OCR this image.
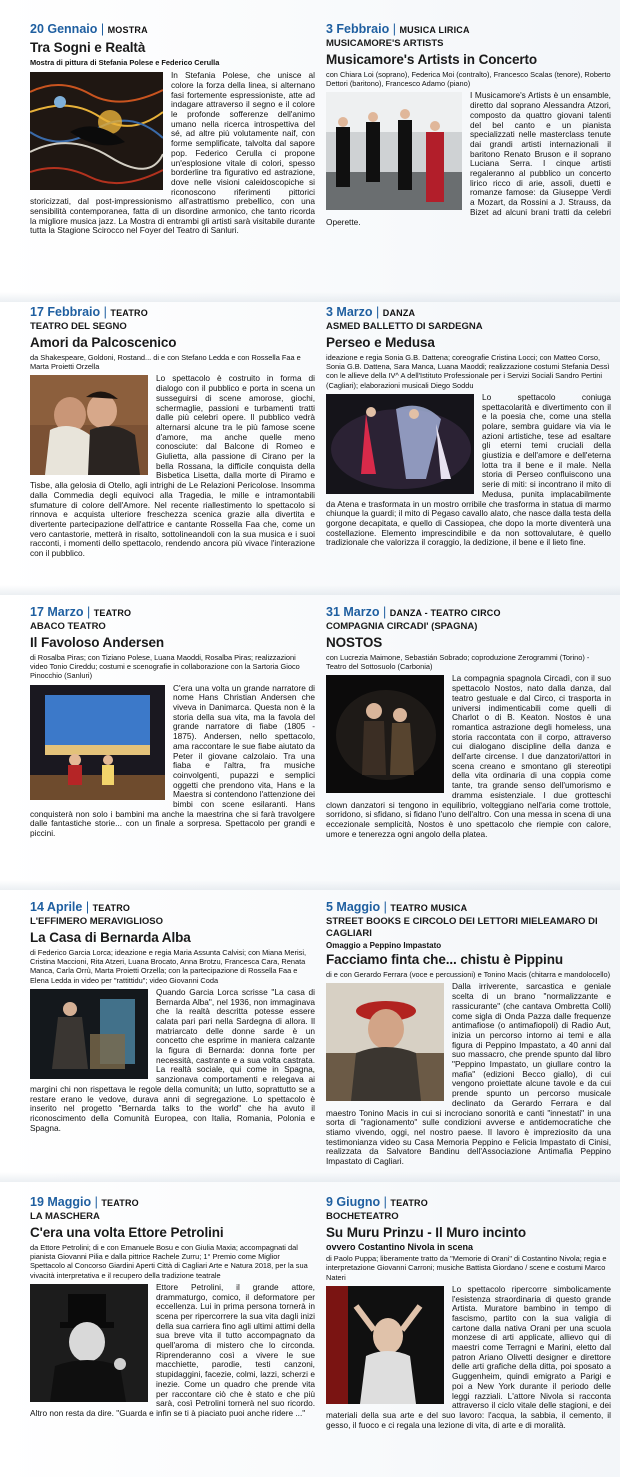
20 Gennaio | MOSTRA
Tra Sogni e Realtà
Mostra di pittura di Stefania Polese e Federico Cerulla
In Stefania Polese, che unisce al colore la forza della linea, si alternano fasi fortemente espressioniste, atte ad indagare attraverso il segno e il colore le profonde sofferenze dell'animo umano nella ricerca introspettiva del sé, ad altre più volutamente naif, con forme semplificate, talvolta dal sapore pop. Federico Cerulla ci propone un'esplosione vitale di colori, spesso borderline tra figurativo ed astrazione, dove nelle visioni caleidoscopiche si riconoscono riferimenti pittorici storicizzati, dal post-impressionismo all'astrattismo prebellico, con una sensibilità contemporanea, fatta di un disordine armonico, che tanto ricorda la migliore musica jazz. La Mostra di entrambi gli artisti sarà visitabile durante tutta la Stagione Scirocco nel Foyer del Teatro di Sanluri.
3 Febbraio | MUSICA LIRICA
MUSICAMORE'S ARTISTS
Musicamore's Artists in Concerto
con Chiara Loi (soprano), Federica Moi (contralto), Francesco Scalas (tenore), Roberto Dettori (baritono), Francesco Adamo (piano)
I Musicamore's Artists è un ensamble, diretto dal soprano Alessandra Atzori, composto da quattro giovani talenti del bel canto e un pianista specializzati nelle masterclass tenute dai grandi artisti internazionali il baritono Renato Bruson e il soprano Luciana Serra. I cinque artisti regaleranno al pubblico un concerto lirico ricco di arie, assoli, duetti e romanze famose: da Giuseppe Verdi a Mozart, da Rossini a J. Strauss, da Bizet ad alcuni brani tratti da celebri Operette.
17 Febbraio | TEATRO
TEATRO DEL SEGNO
Amori da Palcoscenico
da Shakespeare, Goldoni, Rostand... di e con Stefano Ledda e con Rossella Faa e Marta Proietti Orzella
Lo spettacolo è costruito in forma di dialogo con il pubblico e porta in scena un susseguirsi di scene amorose, giochi, schermaglie, passioni e turbamenti tratti dalle più celebri opere. Il pubblico vedrà alternarsi alcune tra le più famose scene d'amore, ma anche quelle meno conosciute: dal Balcone di Romeo e Giulietta, alla passione di Cirano per la bella Rossana, la difficile conquista della Bisbetica Lisetta, dalla morte di Piramo e Tisbe, alla gelosia di Otello, agli intrighi de Le Relazioni Pericolose. Insomma dalla Commedia degli equivoci alla Tragedia, le mille e intramontabili sfumature di colore dell'Amore. Nel recente riallestimento lo spettacolo si rinnova e acquista ulteriore freschezza scenica grazie alla divertita e divertente partecipazione dell'attrice e cantante Rossella Faa che, come un vero cantastorie, metterà in risalto, sottolineandoli con la sua musica e i suoi racconti, i momenti dello spettacolo, rendendo ancora più vivace l'interazione con il pubblico.
3 Marzo | DANZA
ASMED BALLETTO DI SARDEGNA
Perseo e Medusa
ideazione e regia Sonia G.B. Dattena; coreografie Cristina Locci; con Matteo Corso, Sonia G.B. Dattena, Sara Manca, Luana Maoddi; realizzazione costumi Stefania Dessì con le allieve della IV^ A dell'Istituto Professionale per i Servizi Sociali Sandro Pertini (Cagliari); elaborazioni musicali Diego Soddu
Lo spettacolo coniuga spettacolarità e divertimento con il e la poesia che, come una stella polare, sembra guidare via via le azioni artistiche, tese ad esaltare gli eterni temi cruciali della giustizia e dell'amore e dell'eterna lotta tra il bene e il male. Nella storia di Perseo confluiscono una serie di miti: si incontrano il mito di Medusa, punita implacabilmente da Atena e trasformata in un mostro orribile che trasforma in statua di marmo chiunque la guardi; il mito di Pegaso cavallo alato, che nasce dalla testa della gorgone decapitata, e quello di Cassiopea, che dopo la morte diventerà una costellazione. Elemento imprescindibile e da non sottovalutare, è quello tradizionale che valorizza il coraggio, la dedizione, il bene e il lieto fine.
17 Marzo | TEATRO
ABACO TEATRO
Il Favoloso Andersen
di Rosalba Piras; con Tiziano Polese, Luana Maoddi, Rosalba Piras; realizzazioni video Tonio Cireddu; costumi e scenografie in collaborazione con la Sartoria Gioco Pinocchio (Sanluri)
C'era una volta un grande narratore di nome Hans Christian Andersen che viveva in Danimarca. Questa non è la storia della sua vita, ma la favola del grande narratore di fiabe (1805 - 1875). Andersen, nello spettacolo, ama raccontare le sue fiabe aiutato da Peter il giovane calzolaio. Tra una fiaba e l'altra, fra musiche coinvolgenti, pupazzi e semplici oggetti che prendono vita, Hans e la Maestra si contendono l'attenzione dei bimbi con scene esilaranti. Hans conquisterà non solo i bambini ma anche la maestrina che si farà travolgere dalle fantastiche storie... con un finale a sorpresa. Spettacolo per grandi e piccini.
31 Marzo | DANZA - TEATRO CIRCO
COMPAGNIA CIRCADI' (SPAGNA)
NOSTOS
con Lucrezia Maimone, Sebastián Sobrado; coproduzione Zerogrammi (Torino) - Teatro del Sottosuolo (Carbonia)
La compagnia spagnola Circadì, con il suo spettacolo Nostos, nato dalla danza, dal teatro gestuale e dal Circo, ci trasporta in universi indimenticabili come quelli di Charlot o di B. Keaton. Nostos è una romantica astrazione degli homeless, una storia raccontata con il corpo, attraverso cui dialogano discipline della danza e dell'arte circense. I due danzatori/attori in scena creano e smontano gli stereotipi della vita ordinaria di una coppia come tante, tra grande senso dell'umorismo e dramma esistenziale. I due grotteschi clown danzatori si tengono in equilibrio, volteggiano nell'aria come trottole, sorridono, si sfidano, si fidano l'uno dell'altro. Con una messa in scena di una eccezionale semplicità, Nostos è uno spettacolo che riempie con calore, umore e tenerezza ogni angolo della platea.
14 Aprile | TEATRO
L'EFFIMERO MERAVIGLIOSO
La Casa di Bernarda Alba
di Federico Garcia Lorca; ideazione e regia Maria Assunta Calvisi; con Miana Merisi, Cristina Maccioni, Rita Atzeri, Luana Brocato, Anna Brotzu, Francesca Cara, Renata Manca, Carla Orrù, Marta Proietti Orzella; con la partecipazione di Rossella Faa e Elena Ledda in video per "rattittidu"; video Giovanni Coda
Quando Garcia Lorca scrisse "La casa di Bernarda Alba", nel 1936, non immaginava che la realtà descritta potesse essere calata pari pari nella Sardegna di allora. Il matriarcato delle donne sarde è un concetto che esprime in maniera calzante la figura di Bernarda: donna forte per necessità, castrante e a sua volta castrata. La realtà sociale, qui come in Spagna, sanzionava comportamenti e relegava ai margini chi non rispettava le regole della comunità; un lutto, soprattutto se a restare erano le vedove, durava anni di segregazione. Lo spettacolo è inserito nel progetto "Bernarda talks to the world" che ha avuto il riconoscimento della Comunità Europea, con Italia, Romania, Polonia e Spagna.
5 Maggio | TEATRO MUSICA
STREET BOOKS E CIRCOLO DEI LETTORI MIELEAMARO DI CAGLIARI
Omaggio a Peppino Impastato
Facciamo finta che... chistu è Pippinu
di e con Gerardo Ferrara (voce e percussioni) e Tonino Macis (chitarra e mandolocello)
Dalla irriverente, sarcastica e geniale scelta di un brano "normalizzante e rassicurante" (che cantava Ombretta Colli) come sigla di Onda Pazza dalle frequenze antimafiose (o antimafiopoli) di Radio Aut, inizia un percorso intorno ai temi e alla figura di Peppino Impastato, a 40 anni dal suo massacro, che prende spunto dal libro "Peppino Impastato, un giullare contro la mafia" (edizioni Becco giallo), di cui vengono proiettate alcune tavole e da cui prende spunto un percorso musicale declinato da Gerardo Ferrara e dal maestro Tonino Macis in cui si incrociano sonorità e canti "innestati" in una sorta di "ragionamento" sulle condizioni avverse e antidemocratiche che stiamo vivendo, oggi, nel nostro paese. Il lavoro è impreziosito da una testimonianza video su Casa Memoria Peppino e Felicia Impastato di Cinisi, realizzata da Salvatore Bandinu dell'Associazione Antimafia Peppino Impastato di Cagliari.
19 Maggio | TEATRO
LA MASCHERA
C'era una volta Ettore Petrolini
da Ettore Petrolini; di e con Emanuele Bosu e con Giulia Maxia; accompagnati dal pianista Giovanni Pilia e dalla pittrice Rachele Zurru; 1° Premio come Miglior Spettacolo al Concorso Giardini Aperti Città di Cagliari Arte e Natura 2018, per la sua vivacità interpretativa e il recupero della tradizione teatrale
Ettore Petrolini, il grande attore, drammaturgo, comico, il deformatore per eccellenza. Lui in prima persona tornerà in scena per ripercorrere la sua vita dagli inizi della sua carriera fino agli ultimi attimi della sua breve vita il tutto accompagnato da quell'aroma di mistero che lo circonda. Riprenderanno così a vivere le sue macchiette, parodie, testi canzoni, stupidaggini, facezie, colmi, lazzi, scherzi e inezie. Come un quadro che prende vita per raccontare ciò che è stato e che più sarà, così Petrolini tornerà nel suo ricordo. Altro non resta da dire. "Guarda e infin se ti à piaciato puoi anche ridere ..."
9 Giugno | TEATRO
BOCHETEATRO
Su Muru Prinzu - Il Muro incinto
ovvero Costantino Nivola in scena
di Paolo Puppa; liberamente tratto da "Memorie di Orani" di Costantino Nivola; regia e interpretazione Giovanni Carroni; musiche Battista Giordano / scene e costumi Marco Nateri
Lo spettacolo ripercorre simbolicamente l'esistenza straordinaria di questo grande Artista. Muratore bambino in tempo di fascismo, partito con la sua valigia di cartone dalla nativa Orani per una scuola monzese di arti applicate, allievo qui di maestri come Terragni e Marini, eletto dal patron Ariano Olivetti designer e direttore delle arti grafiche della ditta, poi sposato a Guggenheim, quindi emigrato a Parigi e poi a New York durante il periodo delle leggi razziali. L'attore Nivola si racconta attraverso il ciclo vitale delle stagioni, e dei materiali della sua arte e del suo lavoro: l'acqua, la sabbia, il cemento, il gesso, il fuoco e ci regala una lezione di vita, di arte e di moralità.
